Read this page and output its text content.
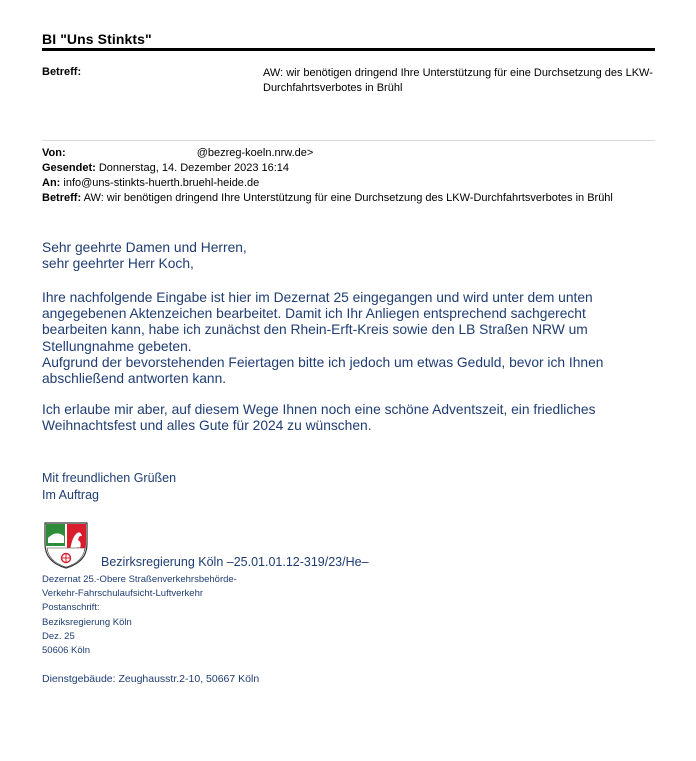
BI "Uns Stinkts"
Betreff:	AW: wir benötigen dringend Ihre Unterstützung für eine Durchsetzung des LKW-Durchfahrtsverbotes in Brühl
Von:	@bezreg-koeln.nrw.de>
Gesendet: Donnerstag, 14. Dezember 2023 16:14
An: info@uns-stinkts-huerth.bruehl-heide.de
Betreff: AW: wir benötigen dringend Ihre Unterstützung für eine Durchsetzung des LKW-Durchfahrtsverbotes in Brühl
Sehr geehrte Damen und Herren,
sehr geehrter Herr Koch,
Ihre nachfolgende Eingabe ist hier im Dezernat 25 eingegangen und wird unter dem unten angegebenen Aktenzeichen bearbeitet. Damit ich Ihr Anliegen entsprechend sachgerecht bearbeiten kann, habe ich zunächst den Rhein-Erft-Kreis sowie den LB Straßen NRW um Stellungnahme gebeten.
Aufgrund der bevorstehenden Feiertagen bitte ich jedoch um etwas Geduld, bevor ich Ihnen abschließend antworten kann.
Ich erlaube mir aber, auf diesem Wege Ihnen noch eine schöne Adventszeit, ein friedliches Weihnachtsfest und alles Gute für 2024 zu wünschen.
Mit freundlichen Grüßen
Im Auftrag
Bezirksregierung Köln –25.01.01.12-319/23/He–
Dezernat 25.-Obere Straßenverkehrsbehörde-
Verkehr-Fahrschulaufsicht-Luftverkehr
Postanschrift:
Beziksregierung Köln
Dez. 25
50606 Köln
Dienstgebäude: Zeughausstr.2-10, 50667 Köln
